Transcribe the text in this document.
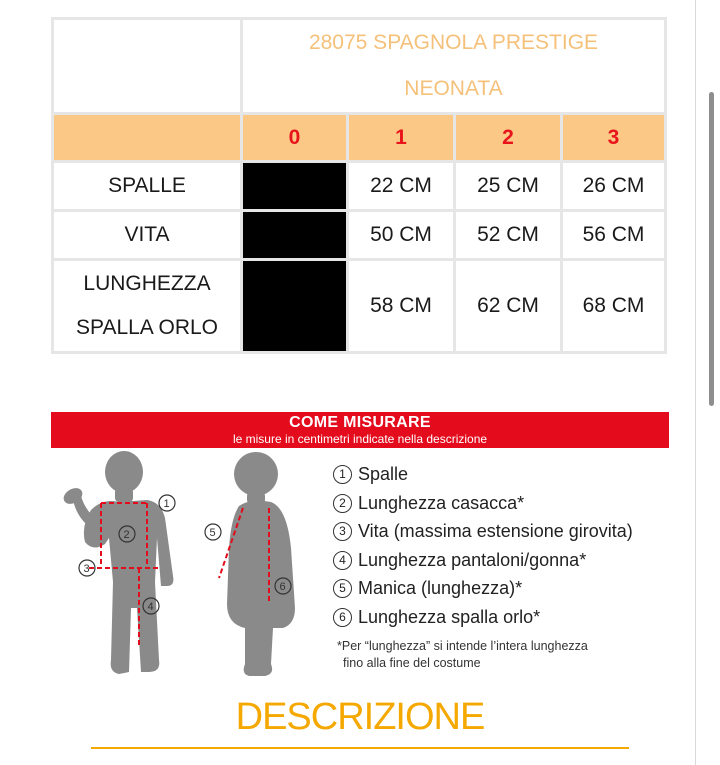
	28075 SPAGNOLA PRESTIGE
NEONATA			

	0	1	2	3
SPALLE		22 CM	25 CM	26 CM
VITA		50 CM	52 CM	56 CM

LUNGHEZZA
SPALLA ORLO		58 CM	62 CM	68 CM
COME MISURARE
le misure in centimetri indicate nella descrizione
1
2
3
4
5
6
1 Spalle
2 Lunghezza casacca*
3 Vita (massima estensione girovita)
4 Lunghezza pantaloni/gonna*
5 Manica (lunghezza)*
6 Lunghezza spalla orlo*
*Per “lunghezza” si intende l’intera lunghezza
fino alla fine del costume
DESCRIZIONE
